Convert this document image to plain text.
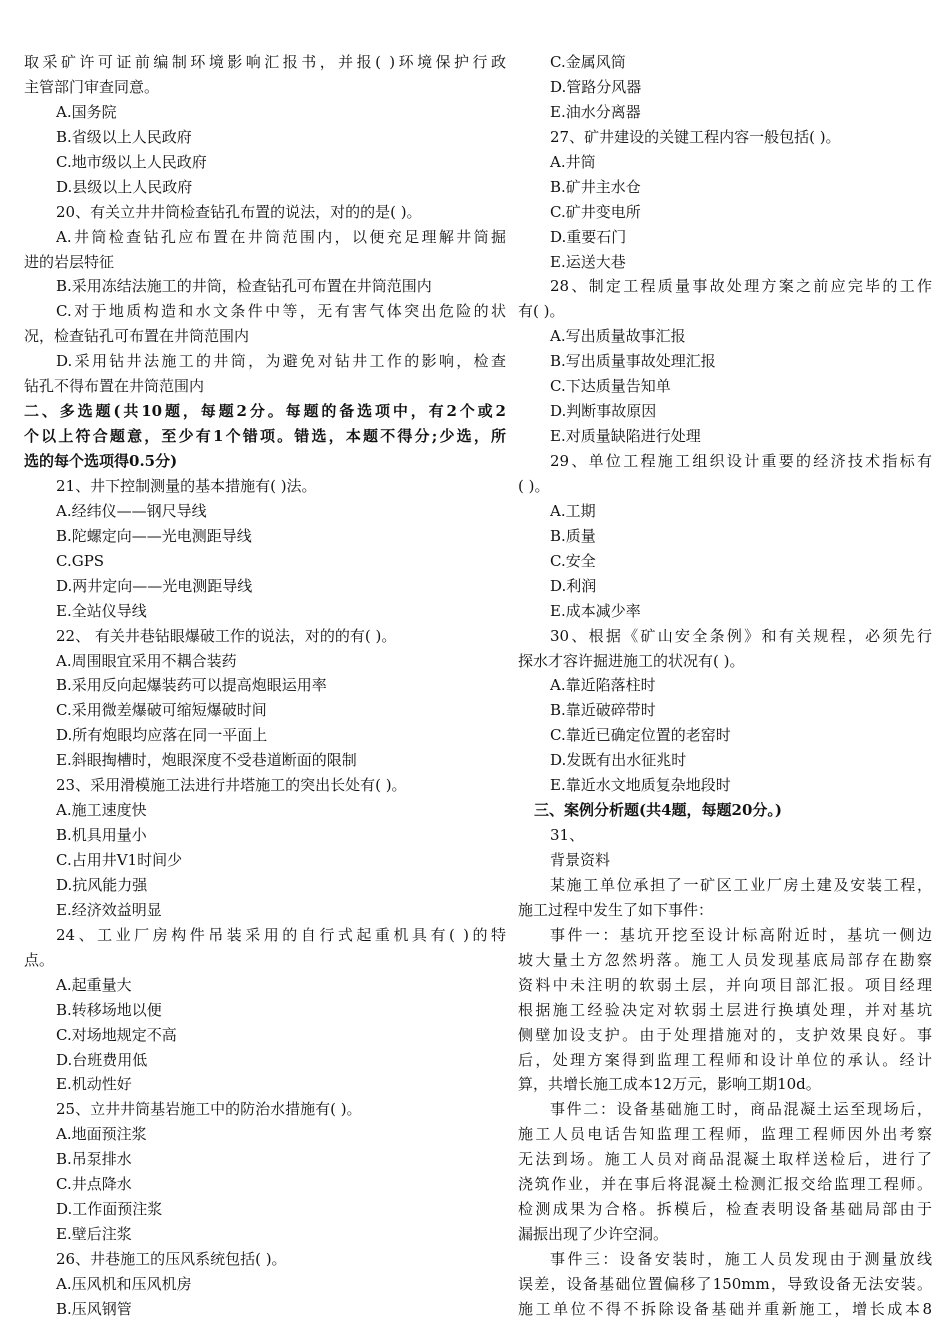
取采矿许可证前编制环境影响汇报书，并报( )环境保护行政
主管部门审查同意。
A.国务院
B.省级以上人民政府
C.地市级以上人民政府
D.县级以上人民政府
20、有关立井井筒检查钻孔布置的说法，对的的是( )。
A.井筒检查钻孔应布置在井筒范围内，以便充足理解井筒掘
进的岩层特征
B.采用冻结法施工的井筒，检查钻孔可布置在井筒范围内
C.对于地质构造和水文条件中等，无有害气体突出危险的状
况，检查钻孔可布置在井筒范围内
D.采用钻井法施工的井筒，为避免对钻井工作的影响，检查
钻孔不得布置在井筒范围内
二、多选题(共10题，每题2分。每题的备选项中，有2个或2
个以上符合题意，至少有1个错项。错选，本题不得分;少选，所
选的每个选项得0.5分)
21、井下控制测量的基本措施有( )法。
A.经纬仪——钢尺导线
B.陀螺定向——光电测距导线
C.GPS
D.两井定向——光电测距导线
E.全站仪导线
22、 有关井巷钻眼爆破工作的说法，对的的有( )。
A.周围眼宜采用不耦合装药
B.采用反向起爆装药可以提高炮眼运用率
C.采用微差爆破可缩短爆破时间
D.所有炮眼均应落在同一平面上
E.斜眼掏槽时，炮眼深度不受巷道断面的限制
23、采用滑模施工法进行井塔施工的突出长处有( )。
A.施工速度快
B.机具用量小
C.占用井V1时间少
D.抗风能力强
E.经济效益明显
24、工业厂房构件吊装采用的自行式起重机具有( )的特
点。
A.起重量大
B.转移场地以便
C.对场地规定不高
D.台班费用低
E.机动性好
25、立井井筒基岩施工中的防治水措施有( )。
A.地面预注浆
B.吊泵排水
C.井点降水
D.工作面预注浆
E.壁后注浆
26、井巷施工的压风系统包括( )。
A.压风机和压风机房
B.压风钢管
C.金属风筒
D.管路分风器
E.油水分离器
27、矿井建设的关键工程内容一般包括( )。
A.井筒
B.矿井主水仓
C.矿井变电所
D.重要石门
E.运送大巷
28、制定工程质量事故处理方案之前应完毕的工作
有( )。
A.写出质量故事汇报
B.写出质量事故处理汇报
C.下达质量告知单
D.判断事故原因
E.对质量缺陷进行处理
29、单位工程施工组织设计重要的经济技术指标有
( )。
A.工期
B.质量
C.安全
D.利润
E.成本减少率
30、根据《矿山安全条例》和有关规程，必须先行
探水才容许掘进施工的状况有( )。
A.靠近陷落柱时
B.靠近破碎带时
C.靠近已确定位置的老窑时
D.发既有出水征兆时
E.靠近水文地质复杂地段时
三、案例分析题(共4题，每题20分。)
31、
背景资料
某施工单位承担了一矿区工业厂房土建及安装工程，
施工过程中发生了如下事件：
事件一：基坑开挖至设计标高附近时，基坑一侧边
坡大量土方忽然坍落。施工人员发现基底局部存在勘察
资料中未注明的软弱土层，并向项目部汇报。项目经理
根据施工经验决定对软弱土层进行换填处理，并对基坑
侧壁加设支护。由于处理措施对的，支护效果良好。事
后，处理方案得到监理工程师和设计单位的承认。经计
算，共增长施工成本12万元，影响工期10d。
事件二：设备基础施工时，商品混凝土运至现场后，
施工人员电话告知监理工程师，监理工程师因外出考察
无法到场。施工人员对商品混凝土取样送检后，进行了
浇筑作业，并在事后将混凝土检测汇报交给监理工程师。
检测成果为合格。拆模后，检查表明设备基础局部由于
漏振出现了少许空洞。
事件三：设备安装时，施工人员发现由于测量放线
误差，设备基础位置偏移了150mm，导致设备无法安装。
施工单位不得不拆除设备基础并重新施工，增长成本8
